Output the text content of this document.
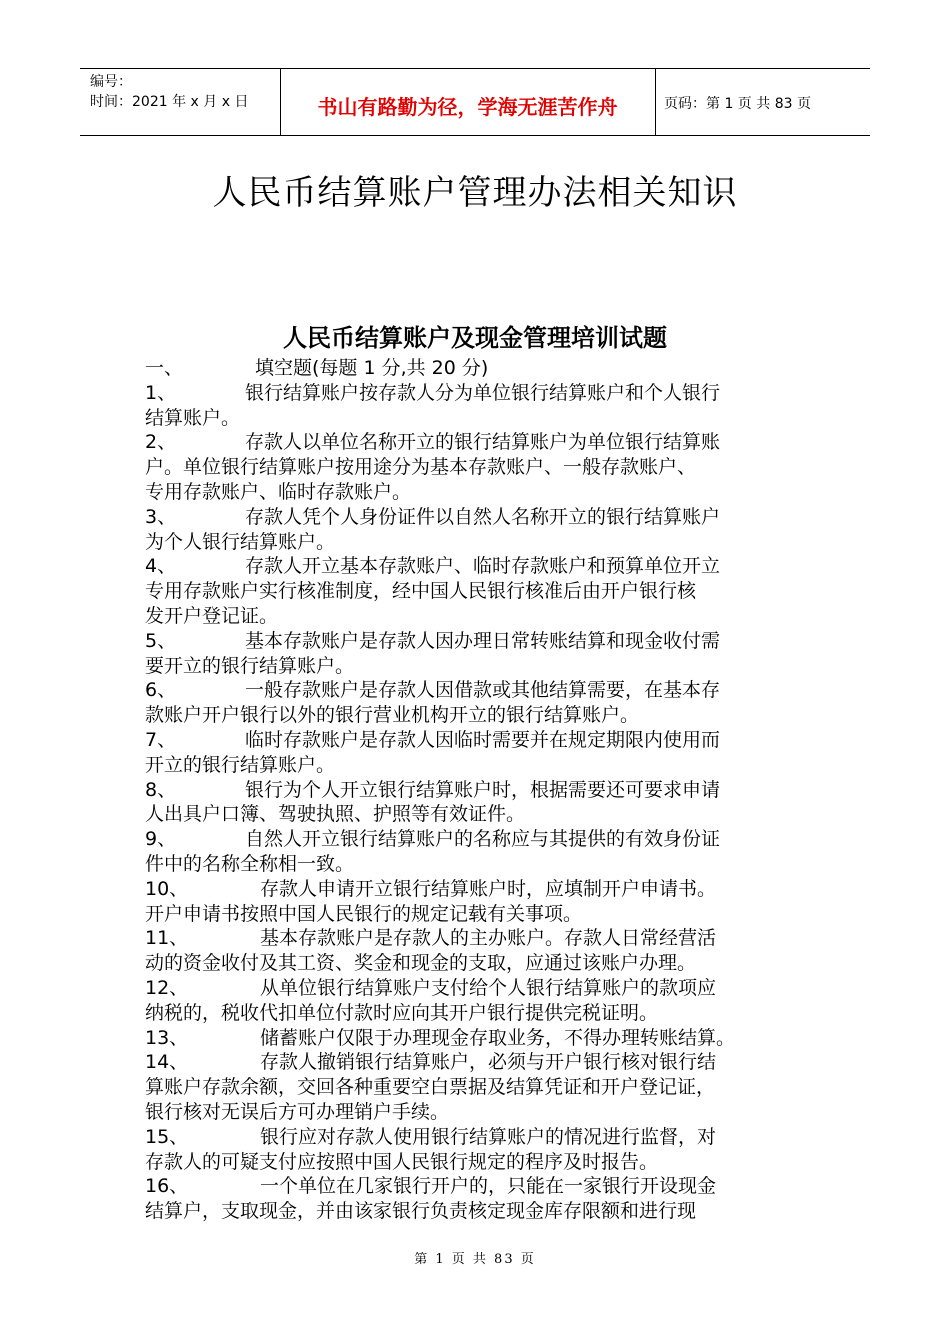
编号：
时间：2021 年 x 月 x 日	书山有路勤为径，学海无涯苦作舟	页码：第 1 页 共 83 页
人民币结算账户管理办法相关知识
人民币结算账户及现金管理培训试题
一、	填空题(每题 1 分,共 20 分)
1、	银行结算账户按存款人分为单位银行结算账户和个人银行
结算账户。
2、	存款人以单位名称开立的银行结算账户为单位银行结算账
户。单位银行结算账户按用途分为基本存款账户、一般存款账户、
专用存款账户、临时存款账户。
3、	存款人凭个人身份证件以自然人名称开立的银行结算账户
为个人银行结算账户。
4、	存款人开立基本存款账户、临时存款账户和预算单位开立
专用存款账户实行核准制度，经中国人民银行核准后由开户银行核
发开户登记证。
5、	基本存款账户是存款人因办理日常转账结算和现金收付需
要开立的银行结算账户。
6、	一般存款账户是存款人因借款或其他结算需要，在基本存
款账户开户银行以外的银行营业机构开立的银行结算账户。
7、	临时存款账户是存款人因临时需要并在规定期限内使用而
开立的银行结算账户。
8、	银行为个人开立银行结算账户时，根据需要还可要求申请
人出具户口簿、驾驶执照、护照等有效证件。
9、	自然人开立银行结算账户的名称应与其提供的有效身份证
件中的名称全称相一致。
10、	存款人申请开立银行结算账户时，应填制开户申请书。
开户申请书按照中国人民银行的规定记载有关事项。
11、	基本存款账户是存款人的主办账户。存款人日常经营活
动的资金收付及其工资、奖金和现金的支取，应通过该账户办理。
12、	从单位银行结算账户支付给个人银行结算账户的款项应
纳税的，税收代扣单位付款时应向其开户银行提供完税证明。
13、	储蓄账户仅限于办理现金存取业务，不得办理转账结算。
14、	存款人撤销银行结算账户，必须与开户银行核对银行结
算账户存款余额，交回各种重要空白票据及结算凭证和开户登记证，
银行核对无误后方可办理销户手续。
15、	银行应对存款人使用银行结算账户的情况进行监督，对
存款人的可疑支付应按照中国人民银行规定的程序及时报告。
16、	一个单位在几家银行开户的，只能在一家银行开设现金
结算户，支取现金，并由该家银行负责核定现金库存限额和进行现
第 1 页 共 83 页
